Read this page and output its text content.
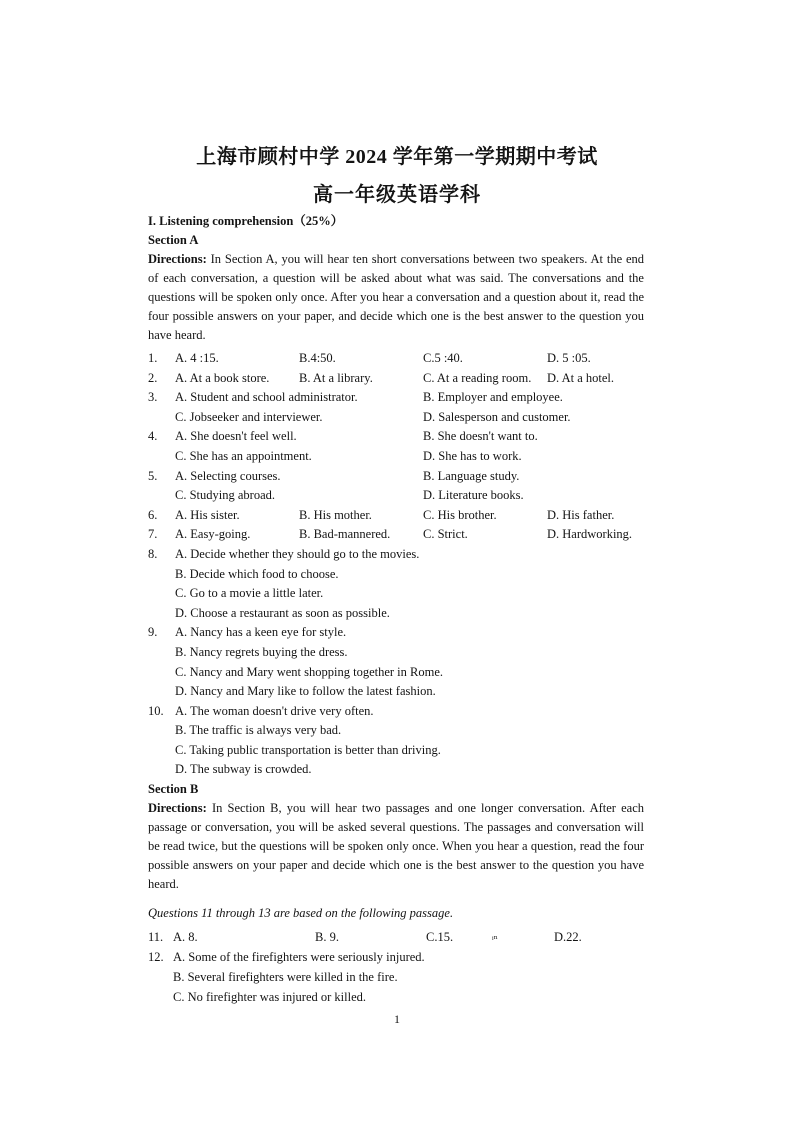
上海市顾村中学 2024 学年第一学期期中考试
高一年级英语学科
I. Listening comprehension（25%）
Section A
Directions: In Section A, you will hear ten short conversations between two speakers. At the end of each conversation, a question will be asked about what was said. The conversations and the questions will be spoken only once. After you hear a conversation and a question about it, read the four possible answers on your paper, and decide which one is the best answer to the question you have heard.
1. A. 4 :15.	B.4:50.	C.5 :40.	D. 5 :05.
2. A. At a book store. B. At a library.	C. At a reading room. D. At a hotel.
3. A. Student and school administrator.	B. Employer and employee.
C. Jobseeker and interviewer.	D. Salesperson and customer.
4. A. She doesn't feel well.	B. She doesn't want to.
C. She has an appointment.	D. She has to work.
5. A. Selecting courses.	B. Language study.
C. Studying abroad.	D. Literature books.
6. A. His sister.	B. His mother.	C. His brother.	D. His father.
7. A. Easy-going.	B. Bad-mannered.	C. Strict.	D. Hardworking.
8. A. Decide whether they should go to the movies.
B. Decide which food to choose.
C. Go to a movie a little later.
D. Choose a restaurant as soon as possible.
9. A. Nancy has a keen eye for style.
B. Nancy regrets buying the dress.
C. Nancy and Mary went shopping together in Rome.
D. Nancy and Mary like to follow the latest fashion.
10. A. The woman doesn't drive very often.
B. The traffic is always very bad.
C. Taking public transportation is better than driving.
D. The subway is crowded.
Section B
Directions: In Section B, you will hear two passages and one longer conversation. After each passage or conversation, you will be asked several questions. The passages and conversation will be read twice, but the questions will be spoken only once. When you hear a question, read the four possible answers on your paper and decide which one is the best answer to the question you have heard.
Questions 11 through 13 are based on the following passage.
11. A. 8.	B. 9.	C.15.	ᵢₙ	D.22.
12. A. Some of the firefighters were seriously injured.
B. Several firefighters were killed in the fire.
C. No firefighter was injured or killed.
1
